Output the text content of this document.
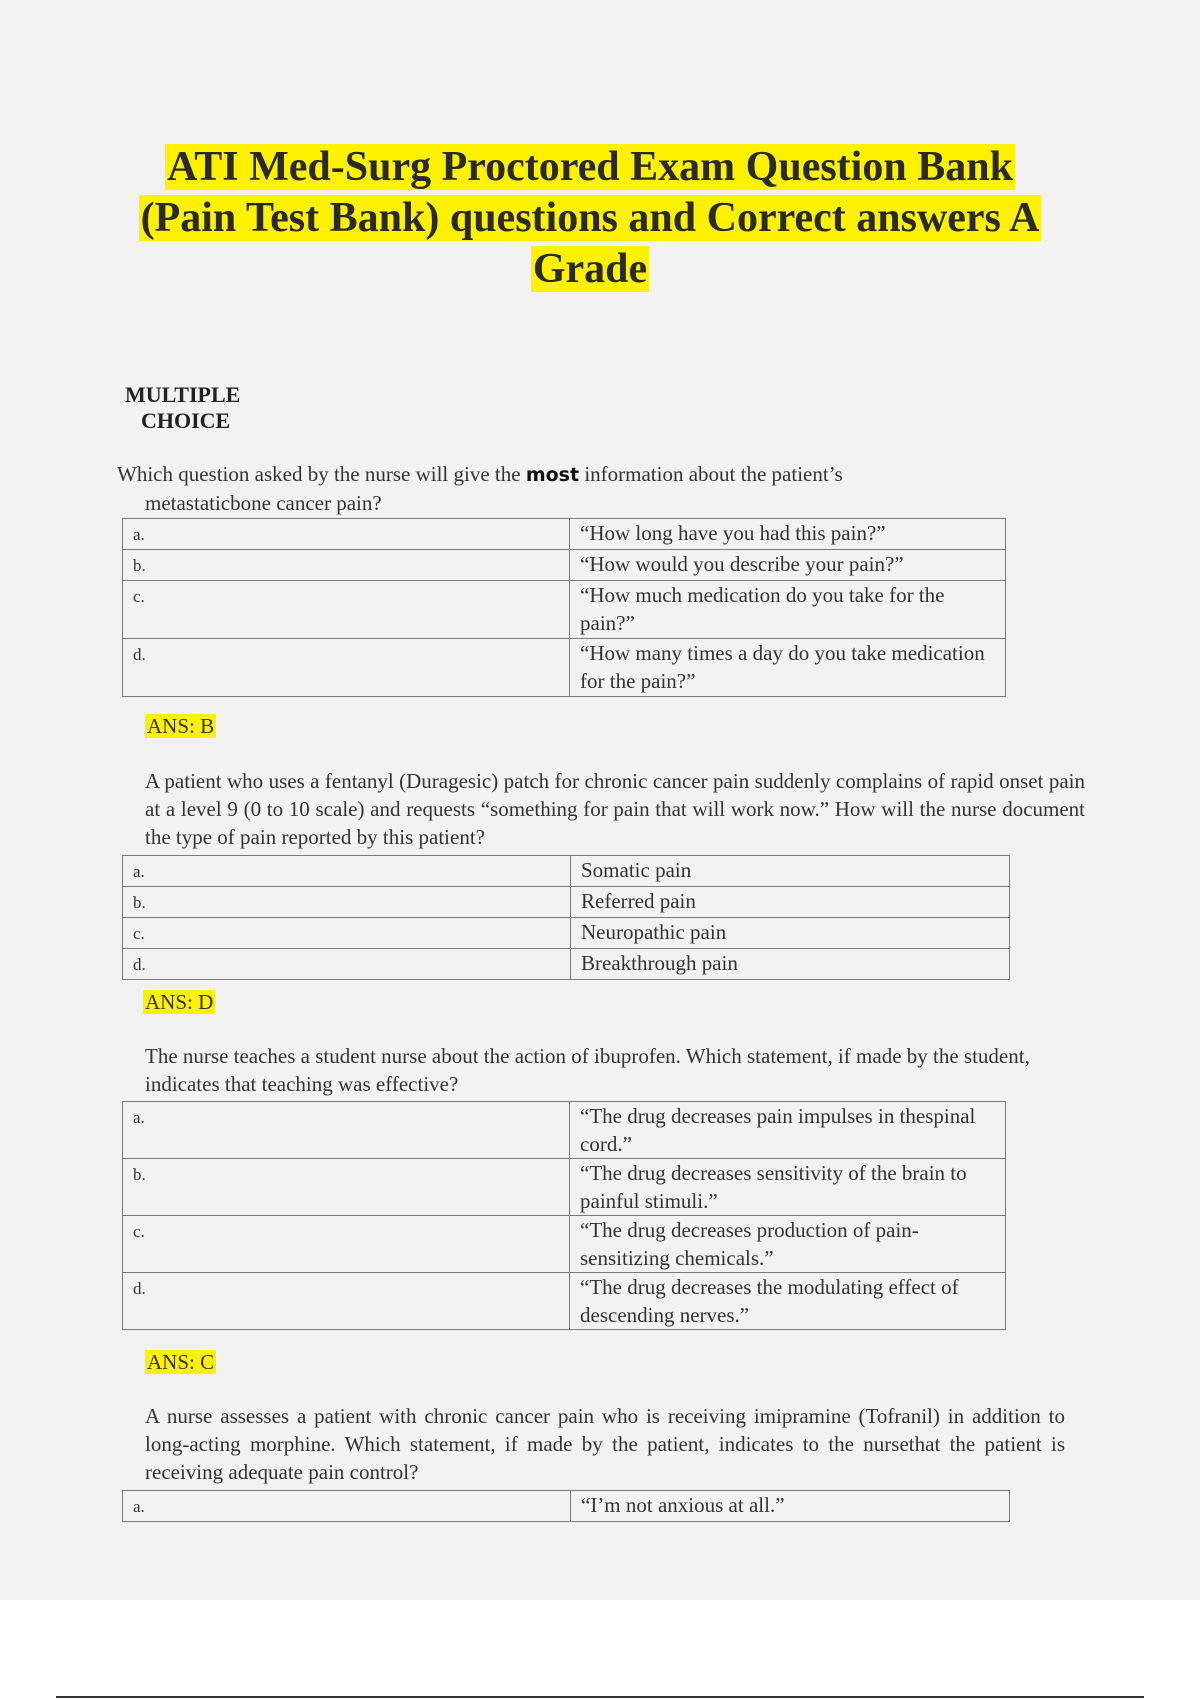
ATI Med-Surg Proctored Exam Question Bank
(Pain Test Bank) questions and Correct answers A
Grade
MULTIPLE
CHOICE
Which question asked by the nurse will give the most information about the patient’s
metastaticbone cancer pain?
a.	“How long have you had this pain?”
b.	“How would you describe your pain?”
c.	“How much medication do you take for the pain?”
d.	“How many times a day do you take medication for the pain?”
ANS: B
A patient who uses a fentanyl (Duragesic) patch for chronic cancer pain suddenly complains of rapid onset pain at a level 9 (0 to 10 scale) and requests “something for pain that will work now.” How will the nurse document the type of pain reported by this patient?
a.	Somatic pain
b.	Referred pain
c.	Neuropathic pain
d.	Breakthrough pain
ANS: D
The nurse teaches a student nurse about the action of ibuprofen. Which statement, if made by the student, indicates that teaching was effective?
a.	“The drug decreases pain impulses in thespinal cord.”
b.	“The drug decreases sensitivity of the brain to painful stimuli.”
c.	“The drug decreases production of pain- sensitizing chemicals.”
d.	“The drug decreases the modulating effect of descending nerves.”
ANS: C
A nurse assesses a patient with chronic cancer pain who is receiving imipramine (Tofranil) in addition to long-acting morphine. Which statement, if made by the patient, indicates to the nursethat the patient is receiving adequate pain control?
a.	“I’m not anxious at all.”
